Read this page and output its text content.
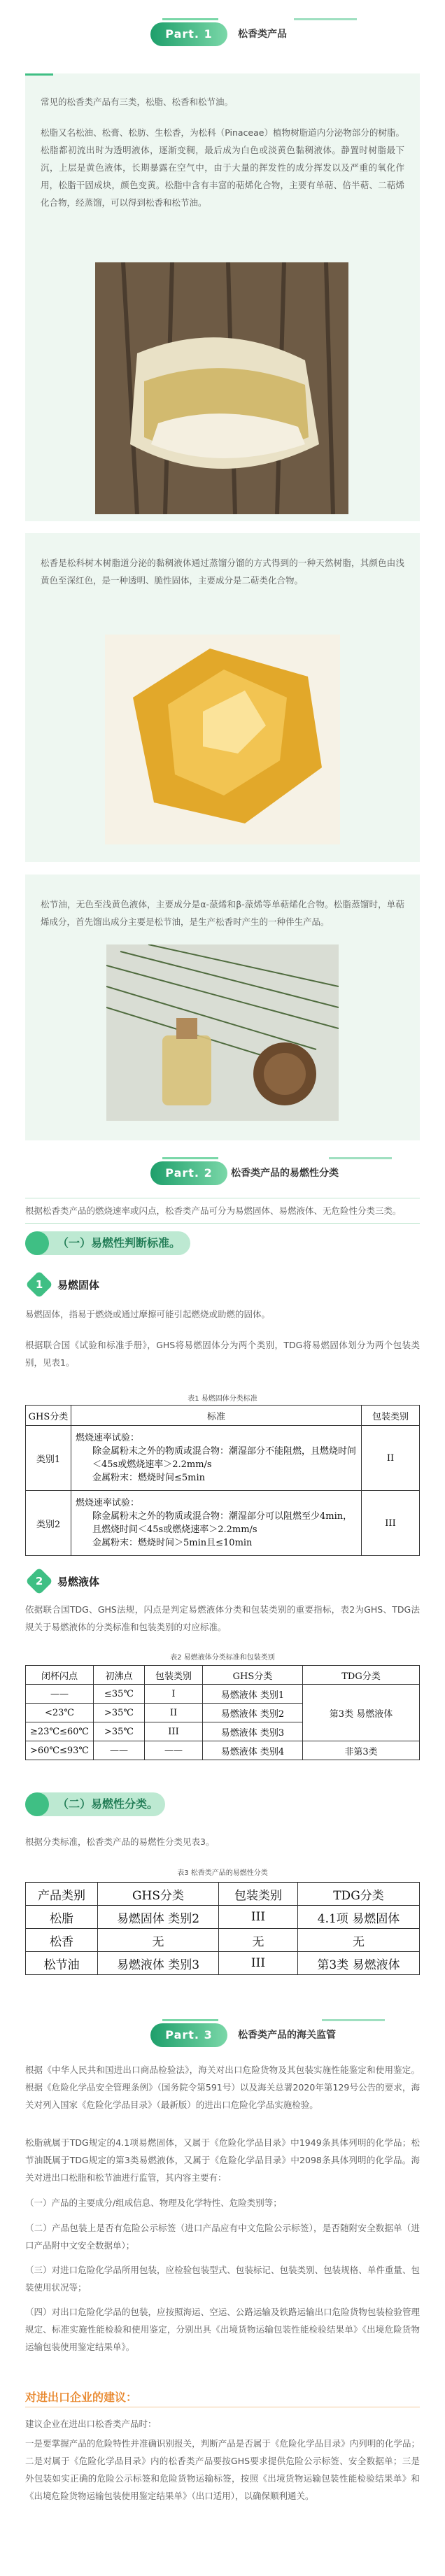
Part. 1	松香类产品

常见的松香类产品有三类，松脂、松香和松节油。

松脂又名松油、松膏、松肪、生松香，为松科（Pinaceae）植物树脂道内分泌物部分的树脂。松脂都初流出时为透明液体，逐渐变稠，最后成为白色或淡黄色黏稠液体。静置时树脂最下沉，上层是黄色液体，长期暴露在空气中，由于大量的挥发性的成分挥发以及严重的氧化作用，松脂干固成块，颜色变黄。松脂中含有丰富的萜烯化合物，主要有单萜、倍半萜、二萜烯化合物，经蒸馏，可以得到松香和松节油。

松香是松科树木树脂道分泌的黏稠液体通过蒸馏分馏的方式得到的一种天然树脂，其颜色由浅黄色至深红色，是一种透明、脆性固体，主要成分是二萜类化合物。

松节油，无色至浅黄色液体，主要成分是α-蒎烯和β-蒎烯等单萜烯化合物。松脂蒸馏时，单萜烯成分，首先馏出成分主要是松节油，是生产松香时产生的一种伴生产品。

Part. 2	松香类产品的易燃性分类

根据松香类产品的燃烧速率或闪点，松香类产品可分为易燃固体、易燃液体、无危险性分类三类。

（一）易燃性判断标准。
1	易燃固体

易燃固体，指易于燃烧或通过摩擦可能引起燃烧或助燃的固体。

根据联合国《试验和标准手册》，GHS将易燃固体分为两个类别，TDG将易燃固体划分为两个包装类别，见表1。

表1 易燃固体分类标准
GHS分类	标准	包装类别
类别1	燃烧速率试验：
除金属粉末之外的物质或混合物：潮湿部分不能阻燃，且燃烧时间＜45s或燃烧速率＞2.2mm/s
金属粉末：燃烧时间≤5min	II
类别2	燃烧速率试验：
除金属粉末之外的物质或混合物：潮湿部分可以阻燃至少4min，且燃烧时间＜45s或燃烧速率＞2.2mm/s
金属粉末：燃烧时间＞5min且≤10min	III
2	易燃液体

依据联合国TDG、GHS法规，闪点是判定易燃液体分类和包装类别的重要指标，表2为GHS、TDG法规关于易燃液体的分类标准和包装类别的对应标准。

表2 易燃液体分类标准和包装类别
闭杯闪点	初沸点	包装类别	GHS分类	TDG分类
——	≤35℃	I	易燃液体 类别1	第3类 易燃液体
<23℃	>35℃	II	易燃液体 类别2	
≥23℃≤60℃	>35℃	III	易燃液体 类别3	
>60℃≤93℃	——	——	易燃液体 类别4	非第3类
（二）易燃性分类。

根据分类标准，松香类产品的易燃性分类见表3。

表3 松香类产品的易燃性分类
产品类别	GHS分类	包装类别	TDG分类
松脂	易燃固体 类别2	III	4.1项 易燃固体
松香	无	无	无
松节油	易燃液体 类别3	III	第3类 易燃液体
Part. 3	松香类产品的海关监管

根据《中华人民共和国进出口商品检验法》，海关对出口危险货物及其包装实施性能鉴定和使用鉴定。根据《危险化学品安全管理条例》（国务院令第591号）以及海关总署2020年第129号公告的要求，海关对列入国家《危险化学品目录》（最新版）的进出口危险化学品实施检验。

松脂就属于TDG规定的4.1项易燃固体，又属于《危险化学品目录》中1949条具体列明的化学品；松节油既属于TDG规定的第3类易燃液体，又属于《危险化学品目录》中2098条具体列明的化学品。海关对进出口松脂和松节油进行监管，其内容主要有：

（一）产品的主要成分/组成信息、物理及化学特性、危险类别等；

（二）产品包装上是否有危险公示标签（进口产品应有中文危险公示标签），是否随附安全数据单（进口产品附中文安全数据单）；

（三）对进口危险化学品所用包装，应检验包装型式、包装标记、包装类别、包装规格、单件重量、包装使用状况等；

（四）对出口危险化学品的包装，应按照海运、空运、公路运输及铁路运输出口危险货物包装检验管理规定、标准实施性能检验和使用鉴定，分别出具《出境货物运输包装性能检验结果单》《出境危险货物运输包装使用鉴定结果单》。

对进出口企业的建议：

建议企业在进出口松香类产品时：

一是要掌握产品的危险特性并准确识别报关，判断产品是否属于《危险化学品目录》内列明的化学品；二是对属于《危险化学品目录》内的松香类产品要按GHS要求提供危险公示标签、安全数据单；三是外包装如实正确的危险公示标签和危险货物运输标签，按照《出境货物运输包装性能检验结果单》和《出境危险货物运输包装使用鉴定结果单》（出口适用），以确保顺利通关。
